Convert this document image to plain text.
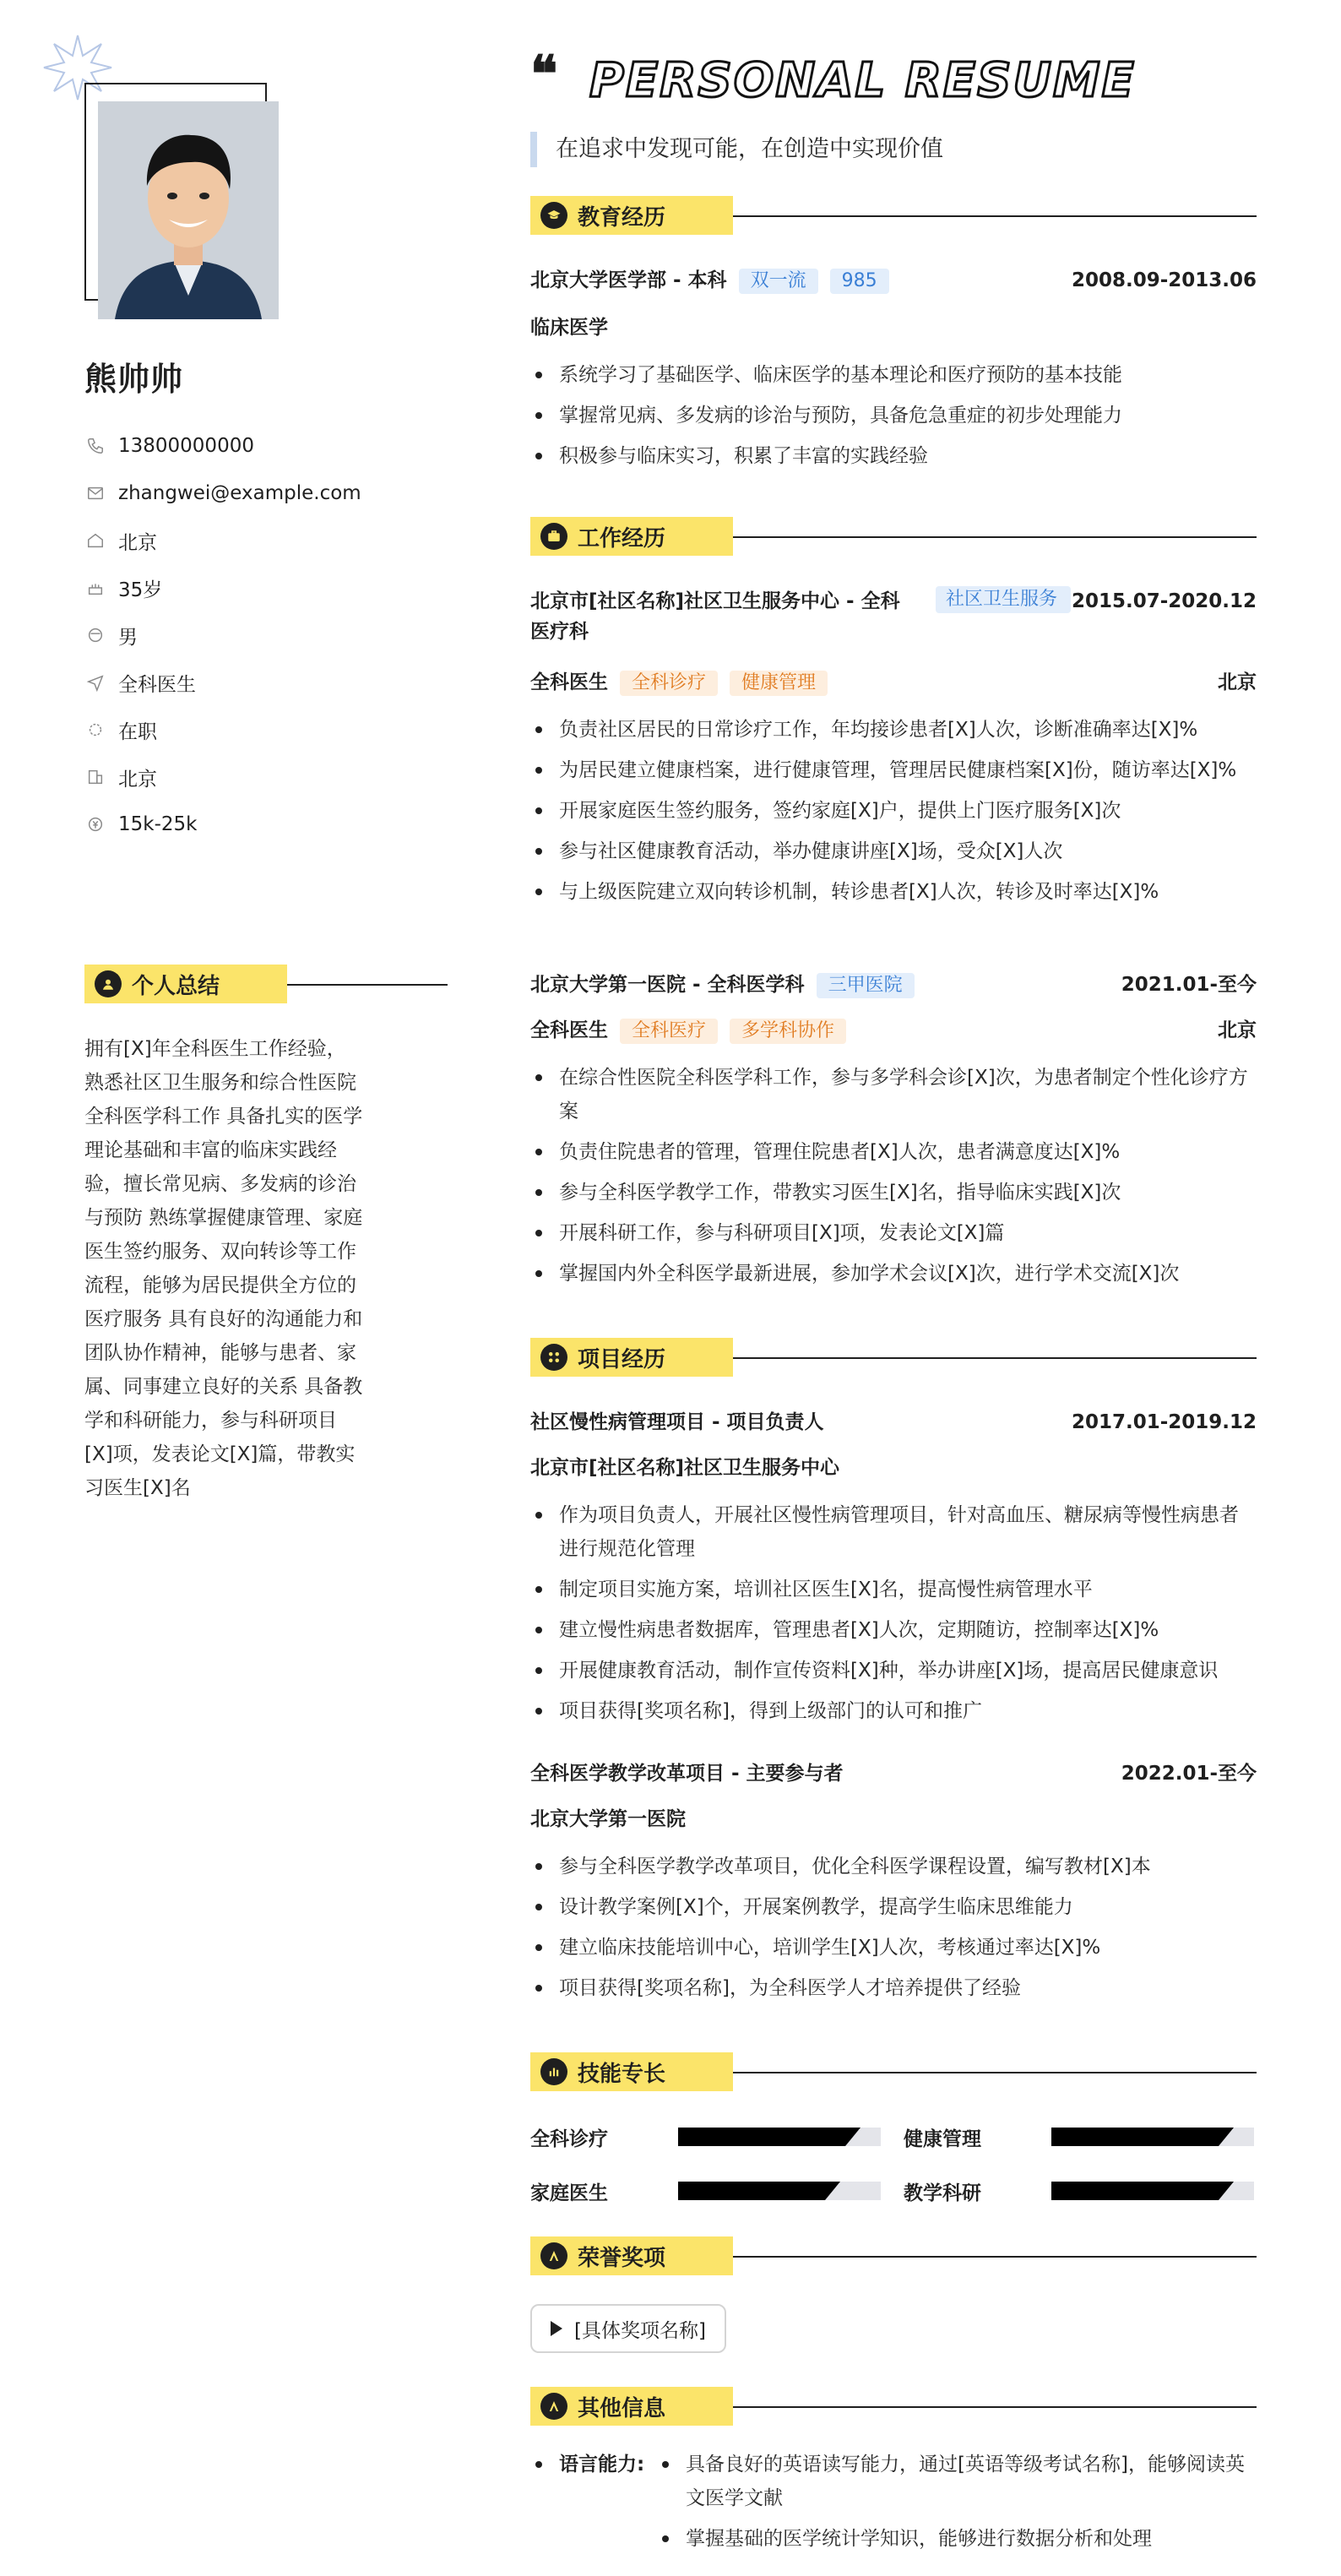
熊帅帅
13800000000
zhangwei@example.com
北京
35岁
男
全科医生
在职
北京
15k-25k
个人总结

拥有[X]年全科医生工作经验，熟悉社区卫生服务和综合性医院全科医学科工作 具备扎实的医学理论基础和丰富的临床实践经验，擅长常见病、多发病的诊治与预防 熟练掌握健康管理、家庭医生签约服务、双向转诊等工作流程，能够为居民提供全方位的医疗服务 具有良好的沟通能力和团队协作精神，能够与患者、家属、同事建立良好的关系 具备教学和科研能力，参与科研项目[X]项，发表论文[X]篇，带教实习医生[X]名

❝ PERSONAL RESUME
在追求中发现可能，在创造中实现价值
教育经历
北京大学医学部 - 本科 双一流 985	2008.09-2013.06
临床医学
系统学习了基础医学、临床医学的基本理论和医疗预防的基本技能
掌握常见病、多发病的诊治与预防，具备危急重症的初步处理能力
积极参与临床实习，积累了丰富的实践经验
工作经历
北京市[社区名称]社区卫生服务中心 - 全科医疗科
社区卫生服务 2015.07-2020.12
全科医生 全科诊疗 健康管理	北京
负责社区居民的日常诊疗工作，年均接诊患者[X]人次，诊断准确率达[X]%
为居民建立健康档案，进行健康管理，管理居民健康档案[X]份，随访率达[X]%
开展家庭医生签约服务，签约家庭[X]户，提供上门医疗服务[X]次
参与社区健康教育活动，举办健康讲座[X]场，受众[X]人次
与上级医院建立双向转诊机制，转诊患者[X]人次，转诊及时率达[X]%
北京大学第一医院 - 全科医学科 三甲医院	2021.01-至今
全科医生 全科医疗 多学科协作	北京
在综合性医院全科医学科工作，参与多学科会诊[X]次，为患者制定个性化诊疗方案
负责住院患者的管理，管理住院患者[X]人次，患者满意度达[X]%
参与全科医学教学工作，带教实习医生[X]名，指导临床实践[X]次
开展科研工作，参与科研项目[X]项，发表论文[X]篇
掌握国内外全科医学最新进展，参加学术会议[X]次，进行学术交流[X]次
项目经历
社区慢性病管理项目 - 项目负责人	2017.01-2019.12
北京市[社区名称]社区卫生服务中心
作为项目负责人，开展社区慢性病管理项目，针对高血压、糖尿病等慢性病患者进行规范化管理
制定项目实施方案，培训社区医生[X]名，提高慢性病管理水平
建立慢性病患者数据库，管理患者[X]人次，定期随访，控制率达[X]%
开展健康教育活动，制作宣传资料[X]种，举办讲座[X]场，提高居民健康意识
项目获得[奖项名称]，得到上级部门的认可和推广
全科医学教学改革项目 - 主要参与者	2022.01-至今
北京大学第一医院
参与全科医学教学改革项目，优化全科医学课程设置，编写教材[X]本
设计教学案例[X]个，开展案例教学，提高学生临床思维能力
建立临床技能培训中心，培训学生[X]人次，考核通过率达[X]%
项目获得[奖项名称]，为全科医学人才培养提供了经验
技能专长
全科诊疗	健康管理
家庭医生	教学科研
荣誉奖项
[具体奖项名称]
其他信息
语言能力:	具备良好的英语读写能力，通过[英语等级考试名称]，能够阅读英文医学文献
掌握基础的医学统计学知识，能够进行数据分析和处理
